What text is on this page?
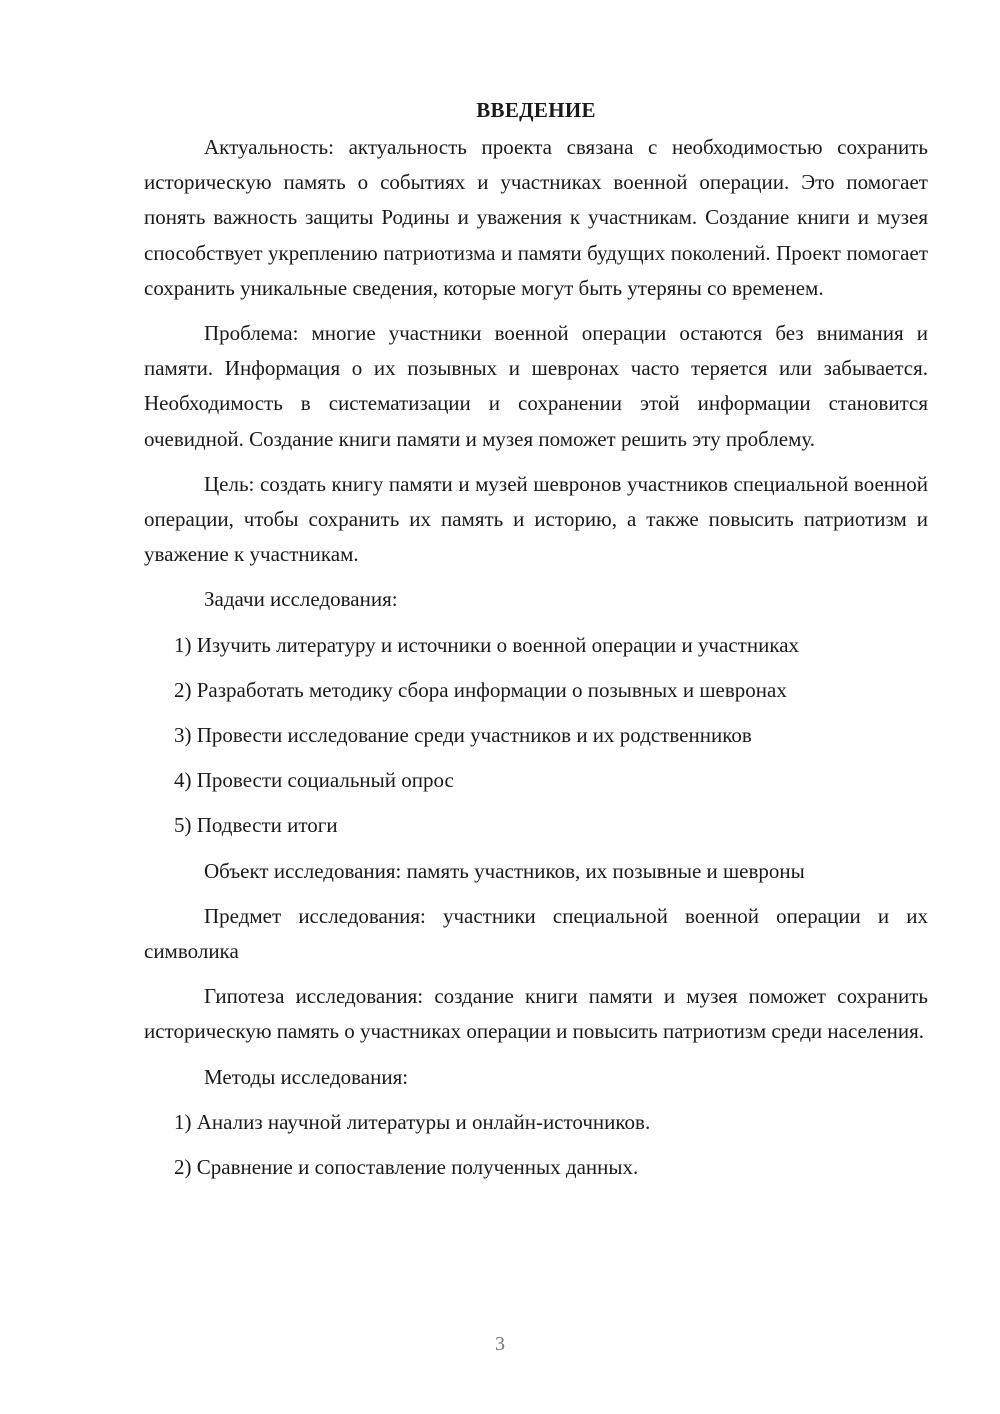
ВВЕДЕНИЕ

Актуальность: актуальность проекта связана с необходимостью сохранить историческую память о событиях и участниках военной операции. Это помогает понять важность защиты Родины и уважения к участникам. Создание книги и музея способствует укреплению патриотизма и памяти будущих поколений. Проект помогает сохранить уникальные сведения, которые могут быть утеряны со временем.

Проблема: многие участники военной операции остаются без внимания и памяти. Информация о их позывных и шевронах часто теряется или забывается. Необходимость в систематизации и сохранении этой информации становится очевидной. Создание книги памяти и музея поможет решить эту проблему.

Цель: создать книгу памяти и музей шевронов участников специальной военной операции, чтобы сохранить их память и историю, а также повысить патриотизм и уважение к участникам.

Задачи исследования:

1) Изучить литературу и источники о военной операции и участниках

2) Разработать методику сбора информации о позывных и шевронах

3) Провести исследование среди участников и их родственников

4) Провести социальный опрос

5) Подвести итоги

Объект исследования: память участников, их позывные и шевроны

Предмет исследования: участники специальной военной операции и их символика

Гипотеза исследования: создание книги памяти и музея поможет сохранить историческую память о участниках операции и повысить патриотизм среди населения.

Методы исследования:

1) Анализ научной литературы и онлайн-источников.

2) Сравнение и сопоставление полученных данных.

3
